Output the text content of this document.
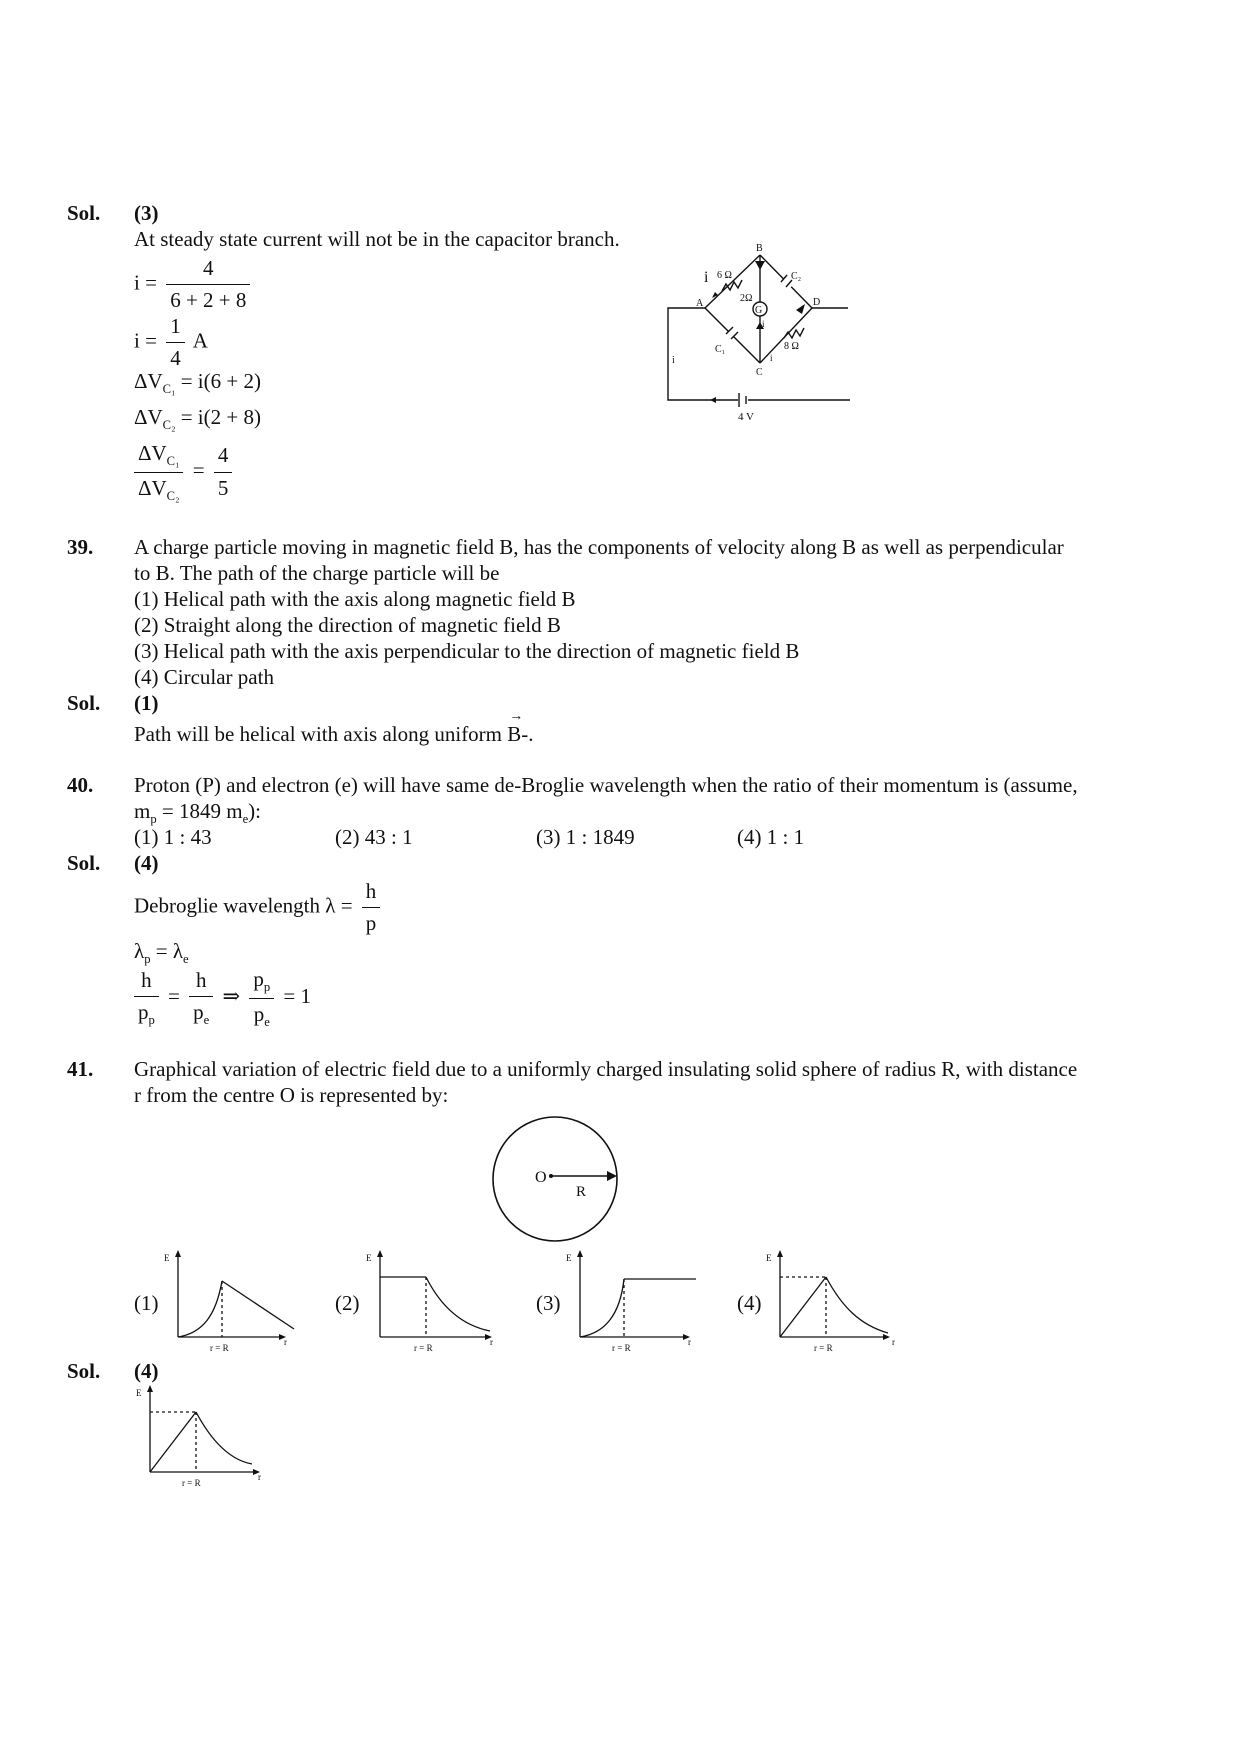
Sol. (3)
At steady state current will not be in the capacitor branch.
$i = \frac{4}{6 + 2 + 8}$
$i = \frac{1}{4}$ A
$\Delta V_{C_1} = i(6 + 2)$
$\Delta V_{C_2} = i(2 + 8)$
$\frac{\Delta V_{C_1}}{\Delta V_{C_2}} = \frac{4}{5}$
B
A
C
D
i 6 Ω
2Ω
8 Ω
G
C₁
C₂
i
i
i
4 V
39. A charge particle moving in magnetic field B, has the components of velocity along B as well as perpendicular
to B. The path of the charge particle will be
(1) Helical path with the axis along magnetic field B
(2) Straight along the direction of magnetic field B
(3) Helical path with the axis perpendicular to the direction of magnetic field B
(4) Circular path
Sol. (1)
Path will be helical with axis along uniform
→
B-.
40. Proton (P) and electron (e) will have same de-Broglie wavelength when the ratio of their momentum is (assume,
$m_p = 1849$ $m_e$):
(1) 1 : 43	(2) 43 : 1	(3) 1 : 1849	(4) 1 : 1
Sol. (4)
Debroglie wavelength $\lambda = \frac{h}{p}$
$\lambda_p = \lambda_e$
$\frac{h}{p_p} = \frac{h}{p_e}$ ⇒ $\frac{p_p}{p_e} = 1$
41. Graphical variation of electric field due to a uniformly charged insulating solid sphere of radius R, with distance
r from the centre O is represented by:
O
R
(1)	(2)	(3)	(4)
E
r
r = R
E
r
r = R
E
r
r = R
E
r
r = R
Sol. (4)
E
r
r = R
